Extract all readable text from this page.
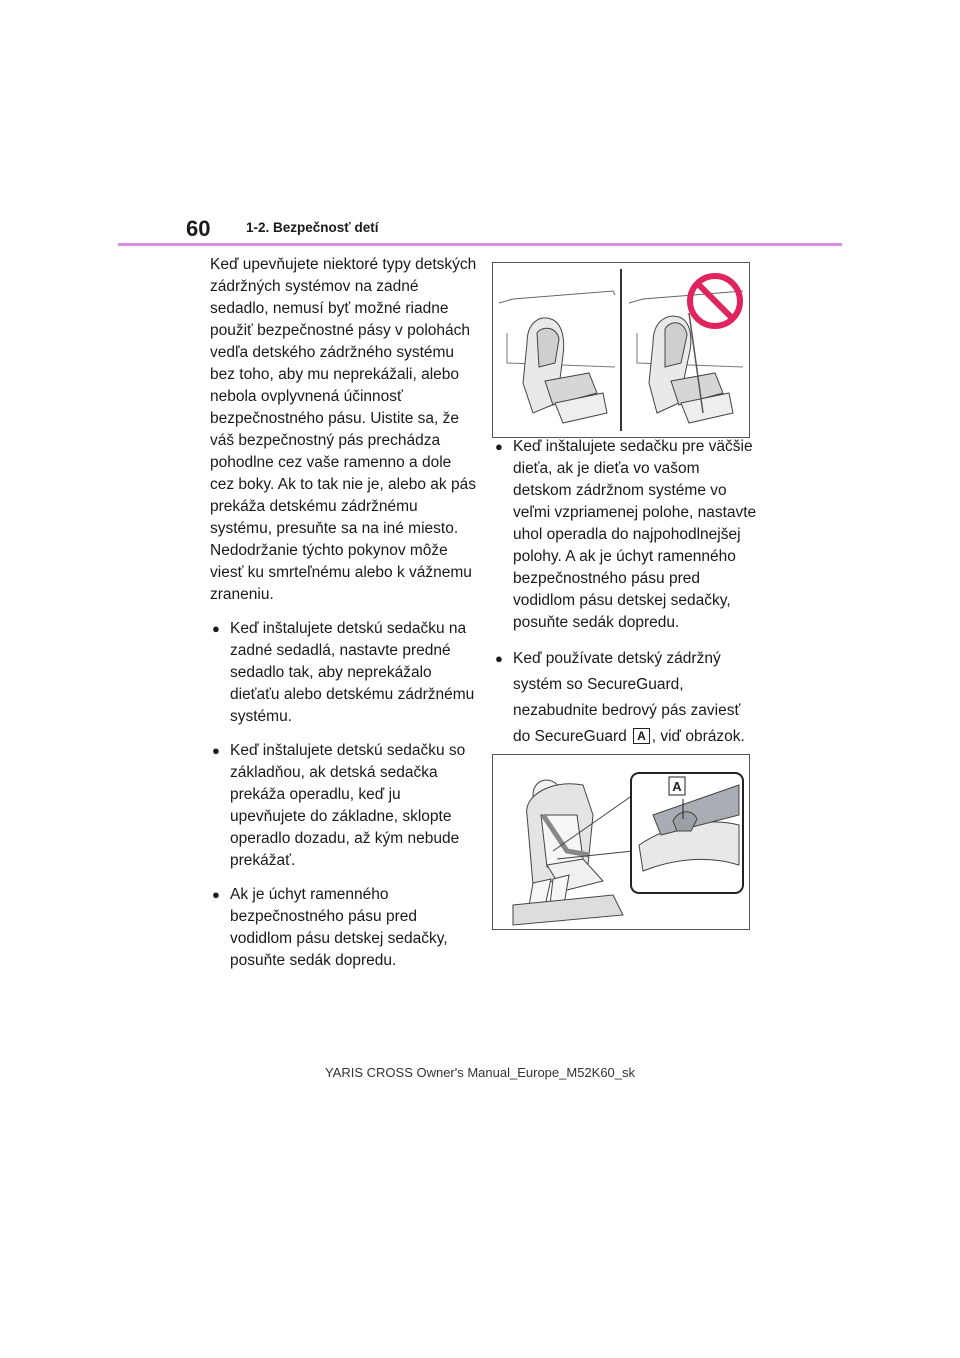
60	1-2. Bezpečnosť detí

Keď upevňujete niektoré typy detských zádržných systémov na zadné sedadlo, nemusí byť možné riadne použiť bezpečnostné pásy v polohách vedľa detského zádržného systému bez toho, aby mu neprekážali, alebo nebola ovplyvnená účinnosť bezpečnostného pásu. Uistite sa, že váš bezpečnostný pás prechádza pohodlne cez vaše ramenno a dole cez boky. Ak to tak nie je, alebo ak pás prekáža detskému zádržnému systému, presuňte sa na iné miesto. Nedodržanie týchto pokynov môže viesť ku smrteľnému alebo k vážnemu zraneniu.

● Keď inštalujete detskú sedačku na zadné sedadlá, nastavte predné sedadlo tak, aby neprekážalo dieťaťu alebo detskému zádržnému systému.

● Keď inštalujete detskú sedačku so základňou, ak detská sedačka prekáža operadlu, keď ju upevňujete do základne, sklopte operadlo dozadu, až kým nebude prekážať.

● Ak je úchyt ramenného bezpečnostného pásu pred vodidlom pásu detskej sedačky, posuňte sedák dopredu.

● Keď inštalujete sedačku pre väčšie dieťa, ak je dieťa vo vašom detskom zádržnom systéme vo veľmi vzpriamenej polohe, nastavte uhol operadla do najpohodlnejšej polohy. A ak je úchyt ramenného bezpečnostného pásu pred vodidlom pásu detskej sedačky, posuňte sedák dopredu.

● Keď používate detský zádržný systém so SecureGuard, nezabudnite bedrový pás zaviesť do SecureGuard A , viď obrázok.

A
YARIS CROSS Owner's Manual_Europe_M52K60_sk
